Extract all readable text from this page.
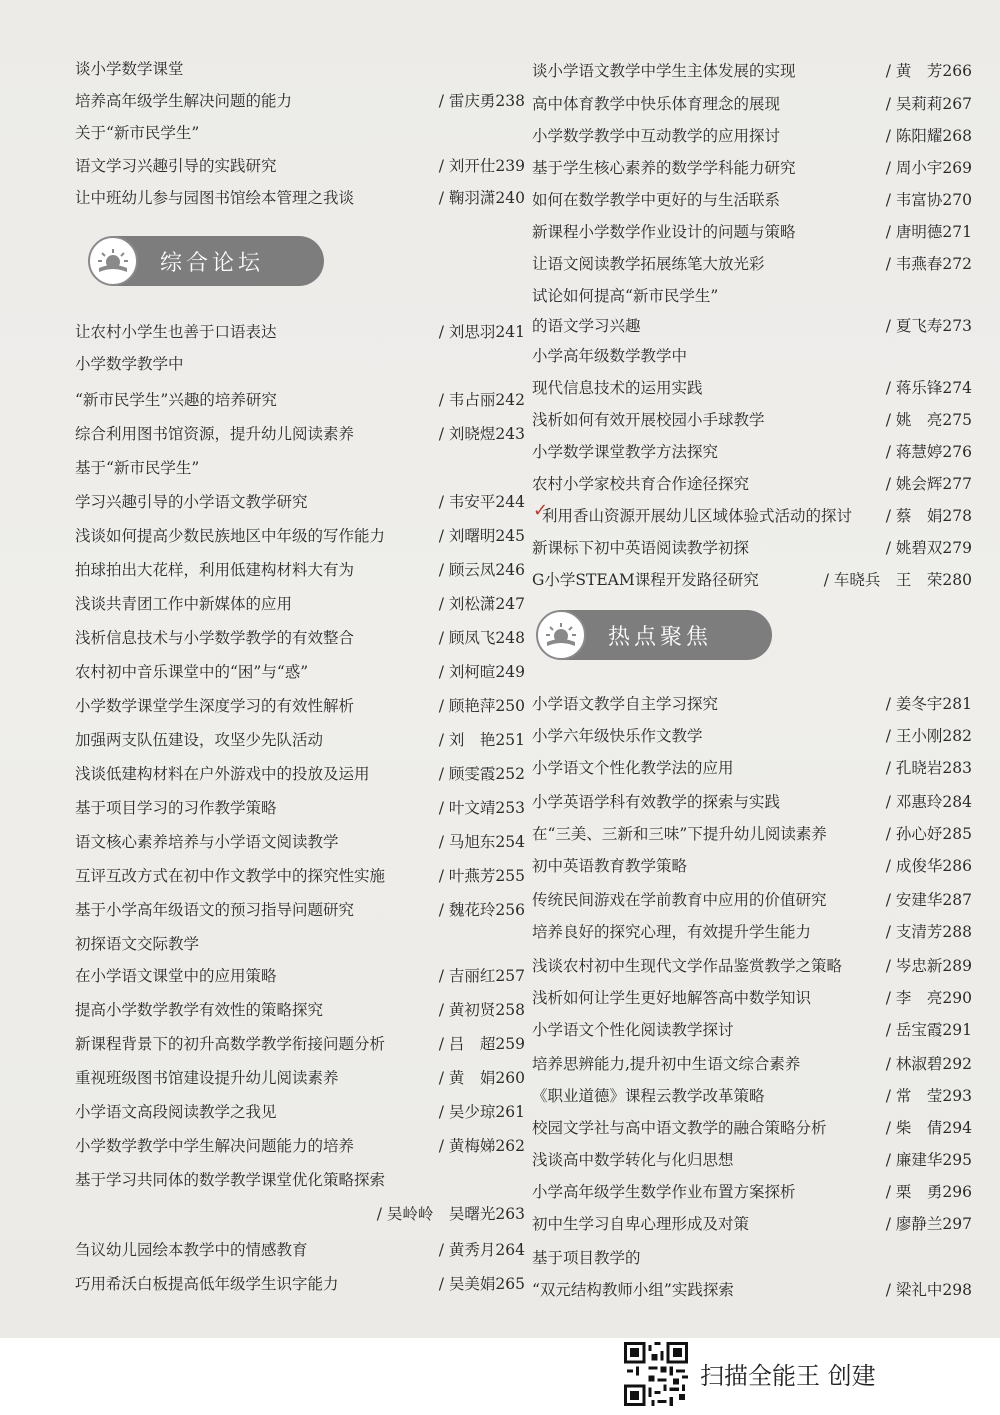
谈小学数学课堂
培养高年级学生解决问题的能力	/ 雷庆勇238
关于“新市民学生”
语文学习兴趣引导的实践研究	/ 刘开仕239
让中班幼儿参与园图书馆绘本管理之我谈	/ 鞠羽潇240
让农村小学生也善于口语表达	/ 刘思羽241
小学数学教学中
“新市民学生”兴趣的培养研究	/ 韦占丽242
综合利用图书馆资源，提升幼儿阅读素养	/ 刘晓煜243
基于“新市民学生”
学习兴趣引导的小学语文教学研究	/ 韦安平244
浅谈如何提高少数民族地区中年级的写作能力	/ 刘曙明245
拍球拍出大花样，利用低建构材料大有为	/ 顾云凤246
浅谈共青团工作中新媒体的应用	/ 刘松潇247
浅析信息技术与小学数学教学的有效整合	/ 顾凤飞248
农村初中音乐课堂中的“困”与“惑”	/ 刘柯暄249
小学数学课堂学生深度学习的有效性解析	/ 顾艳萍250
加强两支队伍建设，攻坚少先队活动	/ 刘　艳251
浅谈低建构材料在户外游戏中的投放及运用	/ 顾雯霞252
基于项目学习的习作教学策略	/ 叶文靖253
语文核心素养培养与小学语文阅读教学	/ 马旭东254
互评互改方式在初中作文教学中的探究性实施	/ 叶燕芳255
基于小学高年级语文的预习指导问题研究	/ 魏花玲256
初探语文交际教学
在小学语文课堂中的应用策略	/ 吉丽红257
提高小学数学教学有效性的策略探究	/ 黄初贤258
新课程背景下的初升高数学教学衔接问题分析	/ 吕　超259
重视班级图书馆建设提升幼儿阅读素养	/ 黄　娟260
小学语文高段阅读教学之我见	/ 吴少琼261
小学数学教学中学生解决问题能力的培养	/ 黄梅娣262
基于学习共同体的数学教学课堂优化策略探索
/ 吴岭岭　吴曙光263
刍议幼儿园绘本教学中的情感教育	/ 黄秀月264
巧用希沃白板提高低年级学生识字能力	/ 吴美娟265
谈小学语文教学中学生主体发展的实现	/ 黄　芳266
高中体育教学中快乐体育理念的展现	/ 吴莉莉267
小学数学教学中互动教学的应用探讨	/ 陈阳耀268
基于学生核心素养的数学学科能力研究	/ 周小宇269
如何在数学教学中更好的与生活联系	/ 韦富协270
新课程小学数学作业设计的问题与策略	/ 唐明德271
让语文阅读教学拓展练笔大放光彩	/ 韦燕春272
试论如何提高“新市民学生”
的语文学习兴趣	/ 夏飞寿273
小学高年级数学教学中
现代信息技术的运用实践	/ 蒋乐锋274
浅析如何有效开展校园小手球教学	/ 姚　亮275
小学数学课堂教学方法探究	/ 蒋慧婷276
农村小学家校共育合作途径探究	/ 姚会辉277
利用香山资源开展幼儿区域体验式活动的探讨	/ 蔡　娟278
新课标下初中英语阅读教学初探	/ 姚碧双279
G小学STEAM课程开发路径研究	/ 车晓兵　王　荣280
小学语文教学自主学习探究	/ 姜冬宇281
小学六年级快乐作文教学	/ 王小刚282
小学语文个性化教学法的应用	/ 孔晓岩283
小学英语学科有效教学的探索与实践	/ 邓惠玲284
在“三美、三新和三味”下提升幼儿阅读素养	/ 孙心妤285
初中英语教育教学策略	/ 成俊华286
传统民间游戏在学前教育中应用的价值研究	/ 安建华287
培养良好的探究心理，有效提升学生能力	/ 支清芳288
浅谈农村初中生现代文学作品鉴赏教学之策略	/ 岑忠新289
浅析如何让学生更好地解答高中数学知识	/ 李　亮290
小学语文个性化阅读教学探讨	/ 岳宝霞291
培养思辨能力,提升初中生语文综合素养	/ 林淑碧292
《职业道德》课程云教学改革策略	/ 常　莹293
校园文学社与高中语文教学的融合策略分析	/ 柴　倩294
浅谈高中数学转化与化归思想	/ 廉建华295
小学高年级学生数学作业布置方案探析	/ 栗　勇296
初中生学习自卑心理形成及对策	/ 廖静兰297
基于项目教学的
“双元结构教师小组”实践探索	/ 梁礼中298
综合论坛
热点聚焦
✓
扫描全能王 创建
